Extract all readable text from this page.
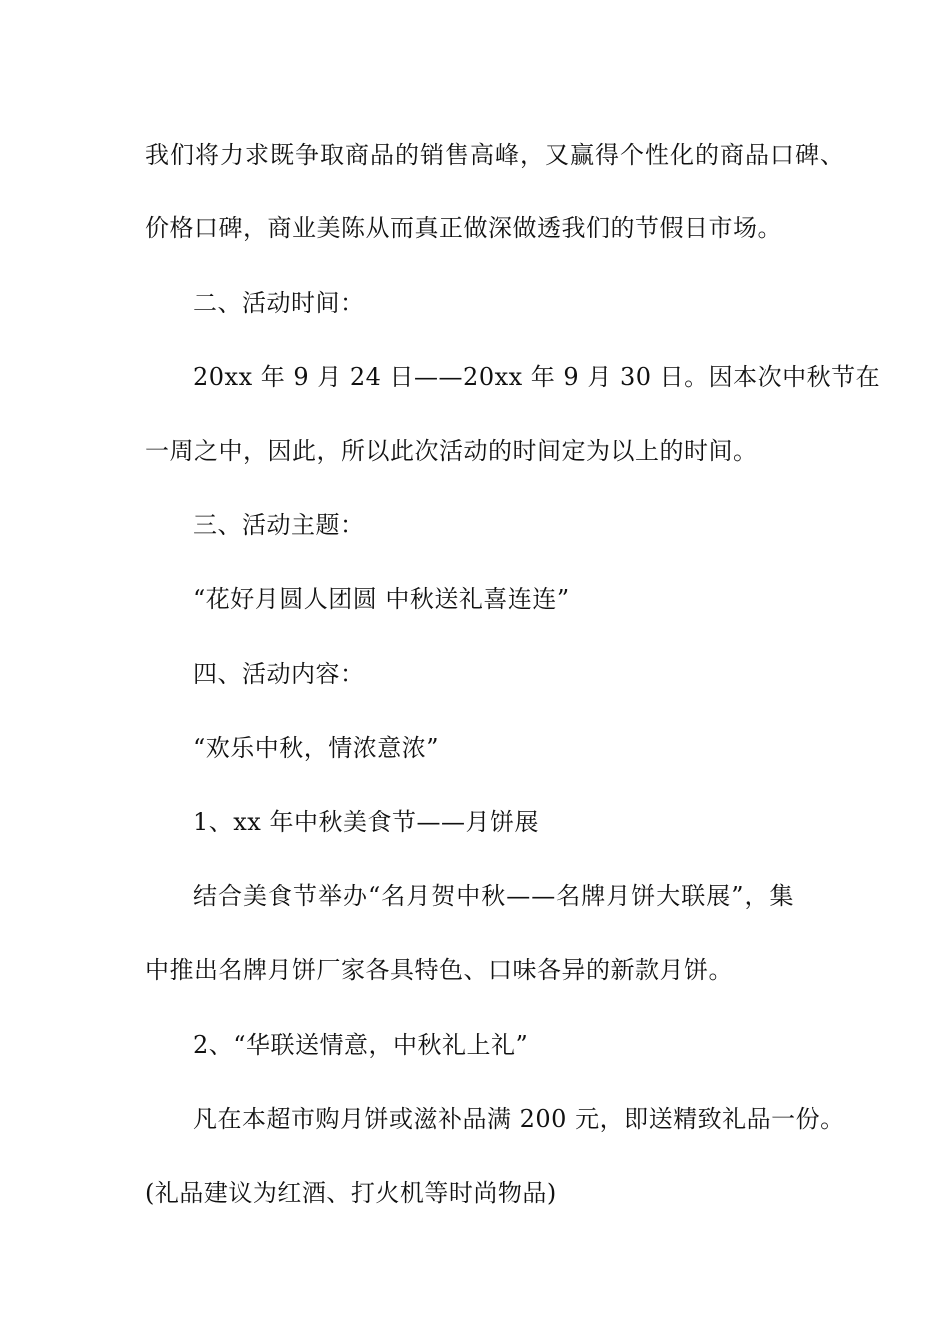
我们将力求既争取商品的销售高峰，又赢得个性化的商品口碑、
价格口碑，商业美陈从而真正做深做透我们的节假日市场。
二、活动时间：
20xx 年 9 月 24 日——20xx 年 9 月 30 日。因本次中秋节在
一周之中，因此，所以此次活动的时间定为以上的时间。
三、活动主题：
“花好月圆人团圆 中秋送礼喜连连”
四、活动内容：
“欢乐中秋，情浓意浓”
1、xx 年中秋美食节——月饼展
结合美食节举办“名月贺中秋——名牌月饼大联展”，集
中推出名牌月饼厂家各具特色、口味各异的新款月饼。
2、“华联送情意，中秋礼上礼”
凡在本超市购月饼或滋补品满 200 元，即送精致礼品一份。
(礼品建议为红酒、打火机等时尚物品)
